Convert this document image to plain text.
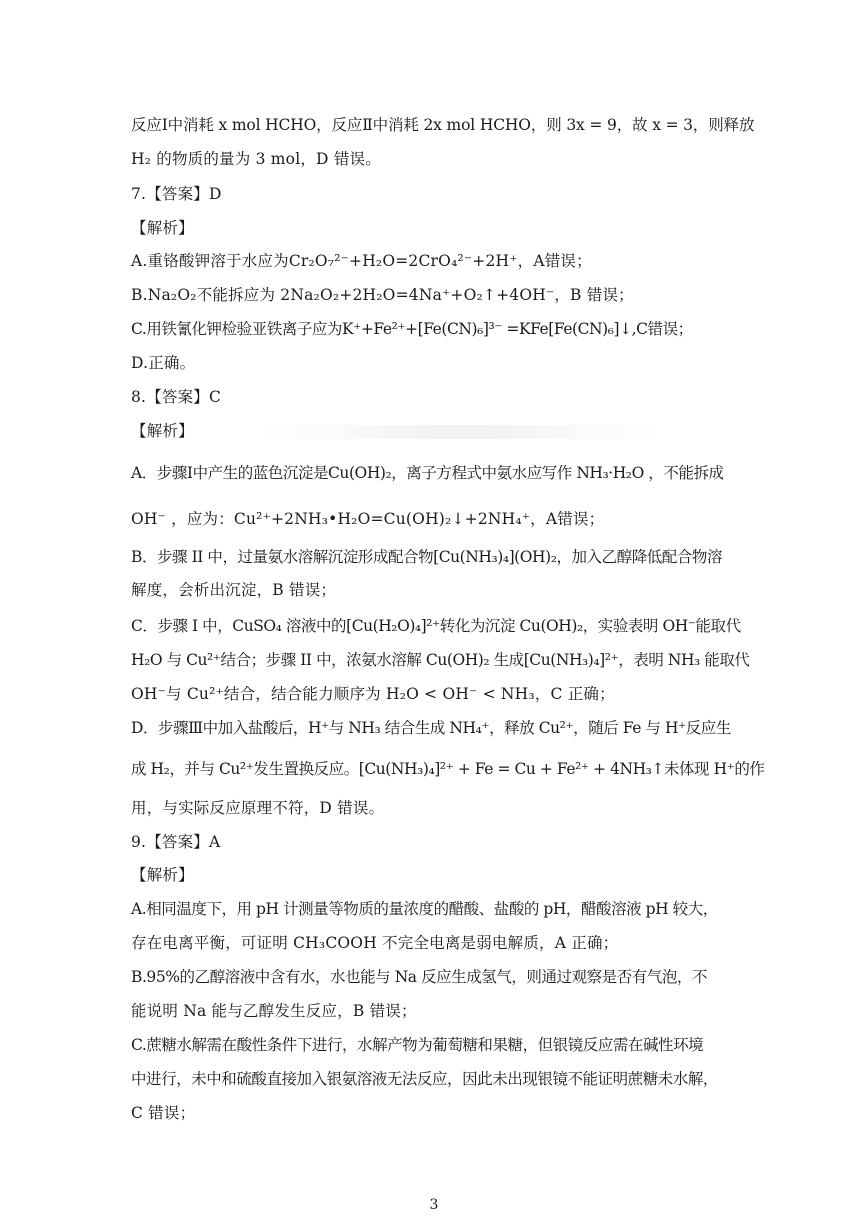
反应Ⅰ中消耗 x mol HCHO，反应Ⅱ中消耗 2x mol HCHO，则 3x = 9，故 x = 3，则释放
H₂ 的物质的量为 3 mol，D 错误。
7.【答案】D
【解析】
A.重铬酸钾溶于水应为Cr₂O₇²⁻+H₂O=2CrO₄²⁻+2H⁺，A错误；
B.Na₂O₂不能拆应为 2Na₂O₂+2H₂O=4Na⁺+O₂↑+4OH⁻，B 错误；
C.用铁氰化钾检验亚铁离子应为K⁺+Fe²⁺+[Fe(CN)₆]³⁻ =KFe[Fe(CN)₆]↓,C错误；
D.正确。
8.【答案】C
【解析】
A．步骤Ⅰ中产生的蓝色沉淀是Cu(OH)₂，离子方程式中氨水应写作 NH₃·H₂O ，不能拆成
OH⁻ ，应为：Cu²⁺+2NH₃•H₂O=Cu(OH)₂↓+2NH₄⁺，A错误；
B．步骤 II 中，过量氨水溶解沉淀形成配合物[Cu(NH₃)₄](OH)₂，加入乙醇降低配合物溶
解度，会析出沉淀，B 错误；
C．步骤 I 中，CuSO₄ 溶液中的[Cu(H₂O)₄]²⁺转化为沉淀 Cu(OH)₂，实验表明 OH⁻能取代
H₂O 与 Cu²⁺结合；步骤 II 中，浓氨水溶解 Cu(OH)₂ 生成[Cu(NH₃)₄]²⁺，表明 NH₃ 能取代
OH⁻与 Cu²⁺结合，结合能力顺序为 H₂O < OH⁻ < NH₃，C 正确；
D．步骤Ⅲ中加入盐酸后，H⁺与 NH₃ 结合生成 NH₄⁺，释放 Cu²⁺，随后 Fe 与 H⁺反应生
成 H₂，并与 Cu²⁺发生置换反应。[Cu(NH₃)₄]²⁺ + Fe = Cu + Fe²⁺ + 4NH₃↑未体现 H⁺的作
用，与实际反应原理不符，D 错误。
9.【答案】A
【解析】
A.相同温度下，用 pH 计测量等物质的量浓度的醋酸、盐酸的 pH，醋酸溶液 pH 较大，
存在电离平衡，可证明 CH₃COOH 不完全电离是弱电解质，A 正确；
B.95%的乙醇溶液中含有水，水也能与 Na 反应生成氢气，则通过观察是否有气泡，不
能说明 Na 能与乙醇发生反应，B 错误；
C.蔗糖水解需在酸性条件下进行，水解产物为葡萄糖和果糖，但银镜反应需在碱性环境
中进行，未中和硫酸直接加入银氨溶液无法反应，因此未出现银镜不能证明蔗糖未水解，
C 错误；
3
